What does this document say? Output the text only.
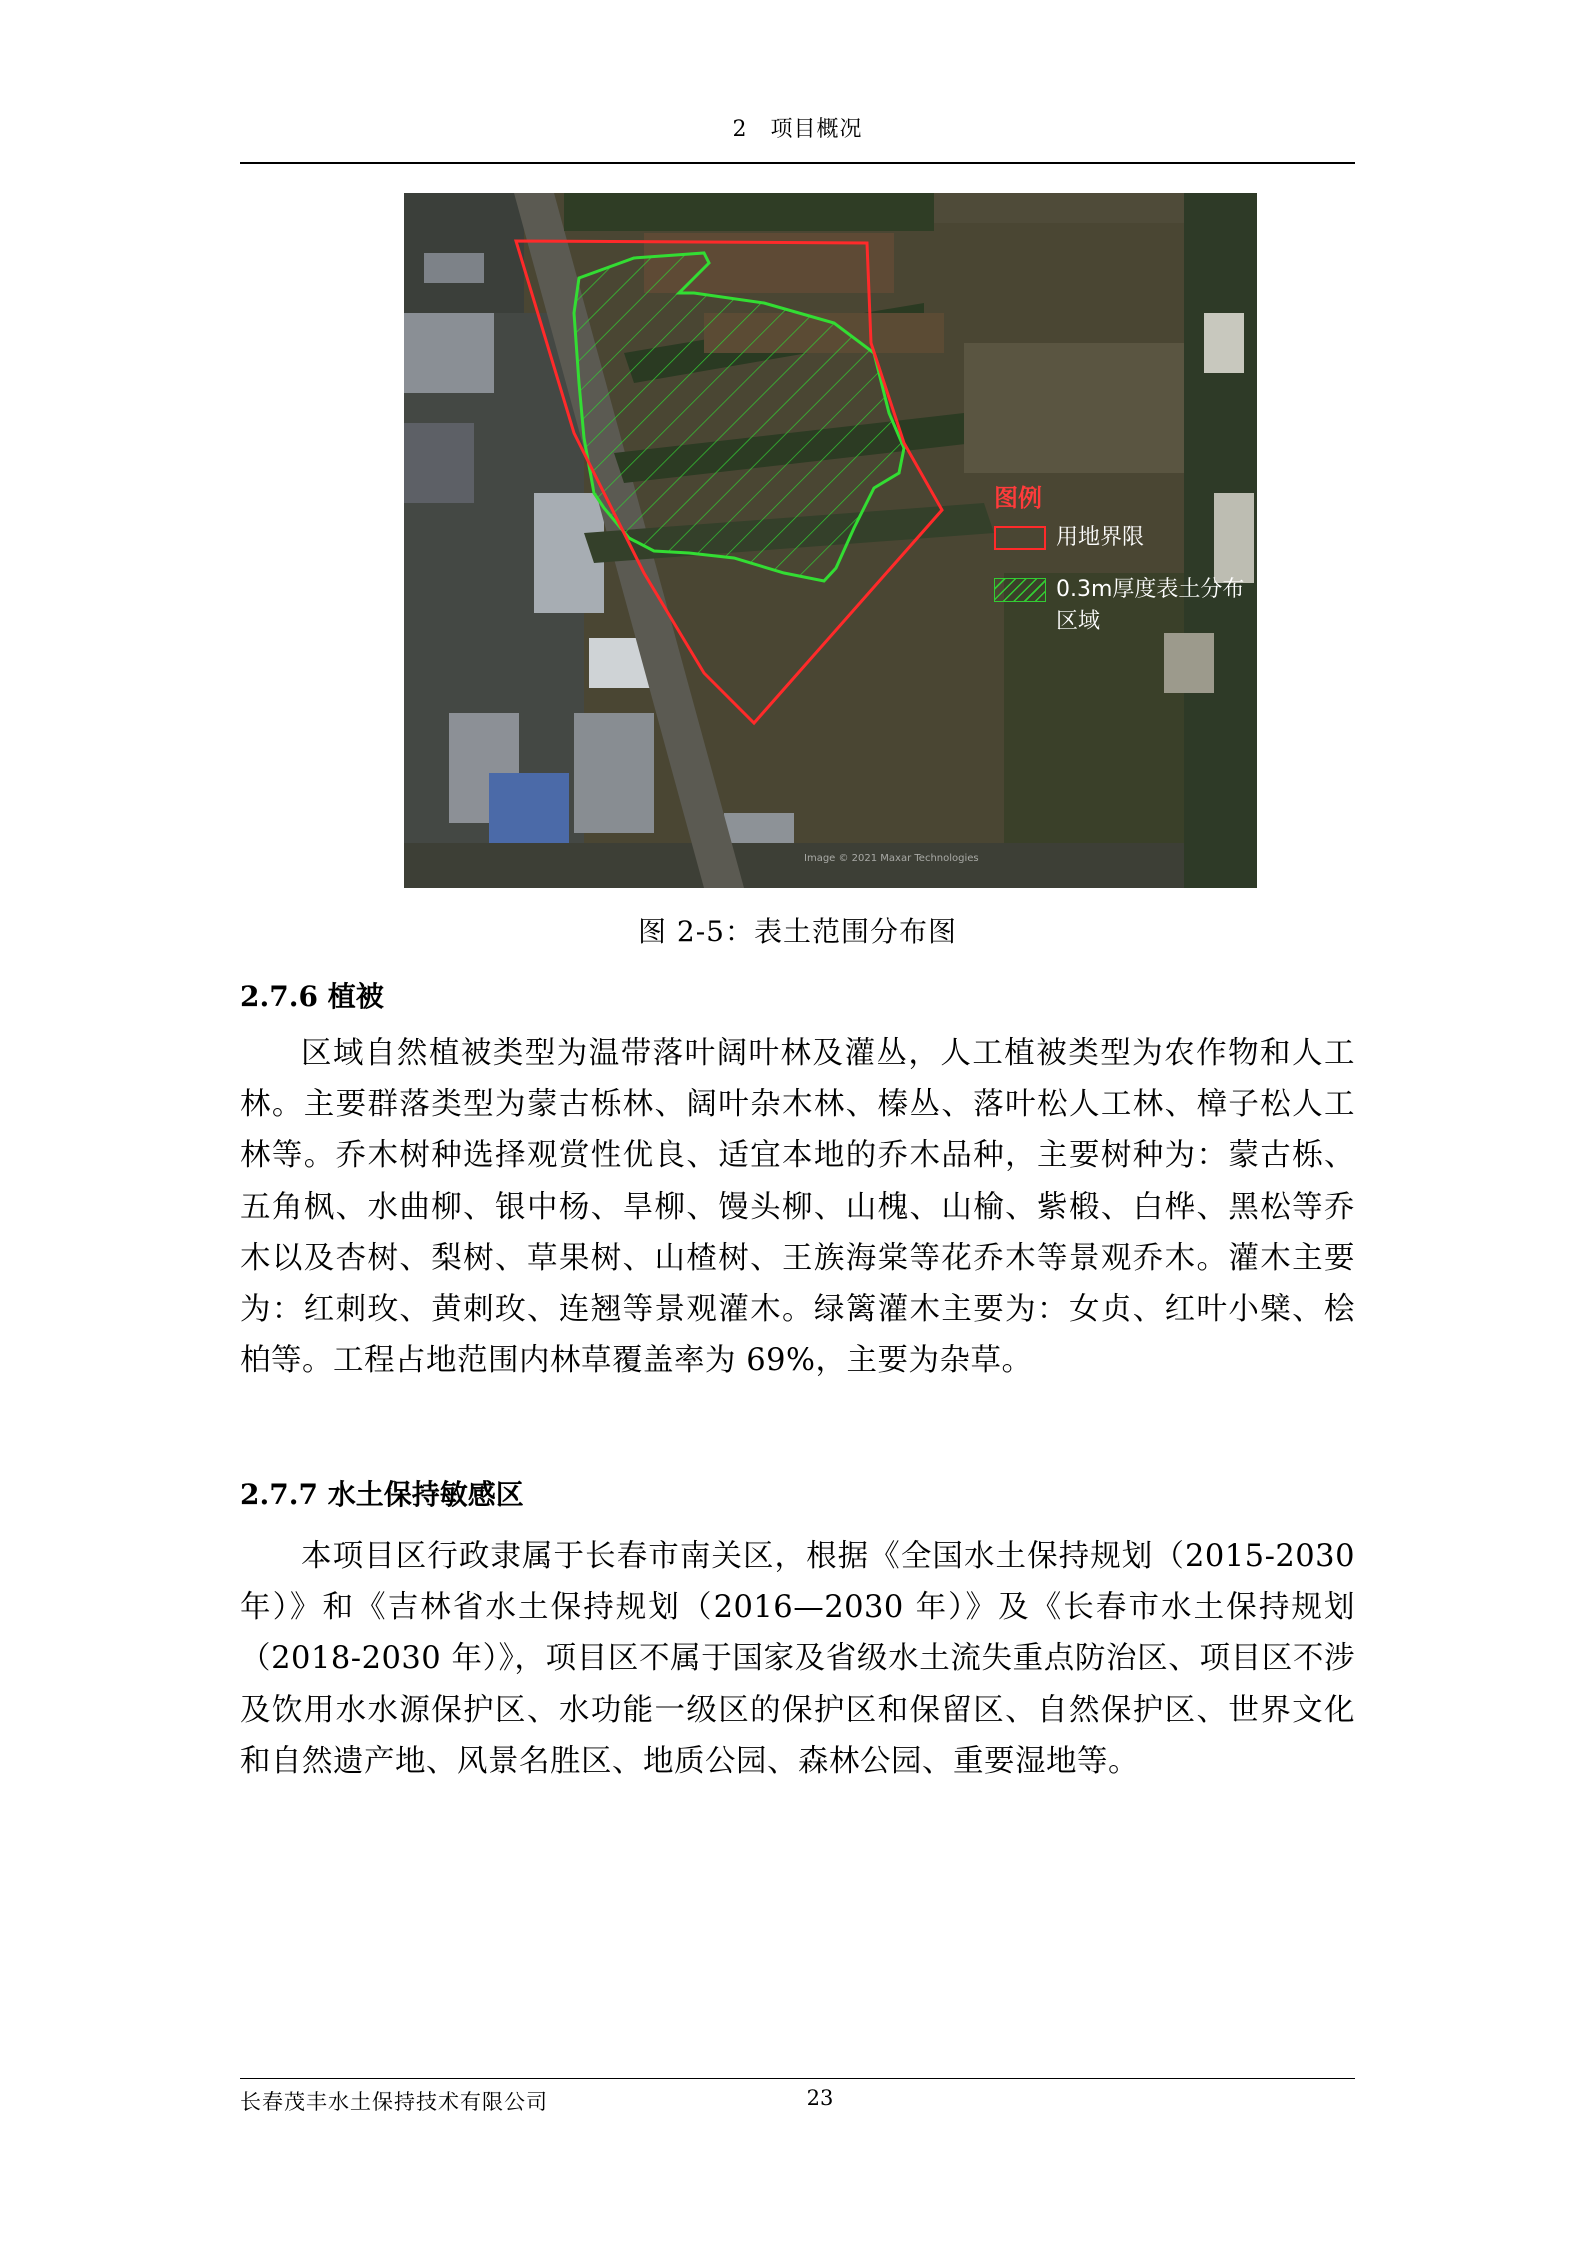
2　项目概况
图例
用地界限
0.3m厚度表土分布区域
Image © 2021 Maxar Technologies
图 2-5：表土范围分布图
2.7.6 植被

区域自然植被类型为温带落叶阔叶林及灌丛，人工植被类型为农作物和人工林。主要群落类型为蒙古栎林、阔叶杂木林、榛丛、落叶松人工林、樟子松人工林等。乔木树种选择观赏性优良、适宜本地的乔木品种，主要树种为：蒙古栎、五角枫、水曲柳、银中杨、旱柳、馒头柳、山槐、山榆、紫椴、白桦、黑松等乔木以及杏树、梨树、草果树、山楂树、王族海棠等花乔木等景观乔木。灌木主要为：红刺玫、黄刺玫、连翘等景观灌木。绿篱灌木主要为：女贞、红叶小檗、桧柏等。工程占地范围内林草覆盖率为 69%，主要为杂草。

2.7.7 水土保持敏感区

本项目区行政隶属于长春市南关区，根据《全国水土保持规划（2015-2030 年）》和《吉林省水土保持规划（2016—2030 年）》及《长春市水土保持规划（2018-2030 年）》，项目区不属于国家及省级水土流失重点防治区、项目区不涉及饮用水水源保护区、水功能一级区的保护区和保留区、自然保护区、世界文化和自然遗产地、风景名胜区、地质公园、森林公园、重要湿地等。

长春茂丰水土保持技术有限公司	23
